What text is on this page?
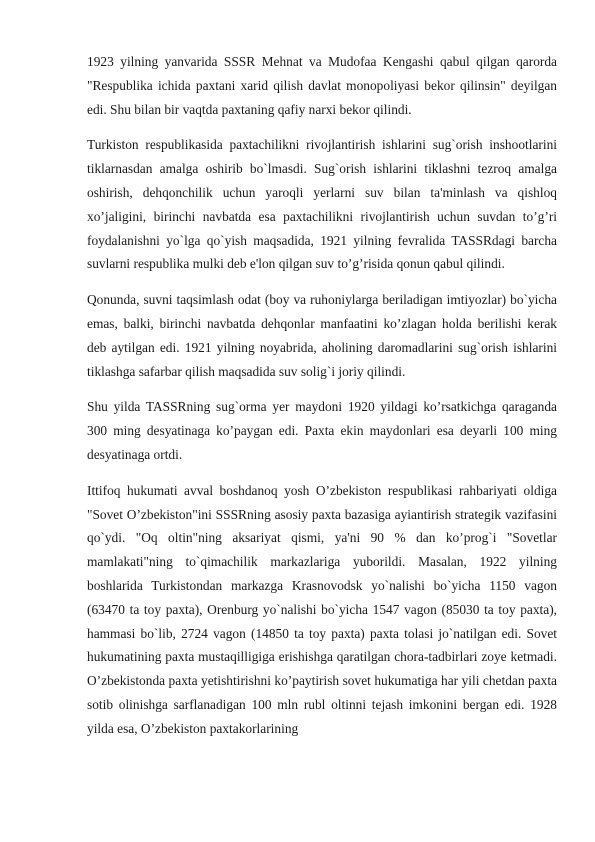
1923 yilning yanvarida SSSR Mehnat va Mudofaa Kengashi qabul qilgan qarorda "Respublika ichida paxtani xarid qilish davlat monopoliyasi bekor qilinsin" deyilgan edi. Shu bilan bir vaqtda paxtaning qafiy narxi bekor qilindi.

Turkiston respublikasida paxtachilikni rivojlantirish ishlarini sug`orish inshootlarini tiklarnasdan amalga oshirib bo`lmasdi. Sug`orish ishlarini tiklashni tezroq amalga oshirish, dehqonchilik uchun yaroqli yerlarni suv bilan ta'minlash va qishloq xo’jaligini, birinchi navbatda esa paxtachilikni rivojlantirish uchun suvdan to’g’ri foydalanishni yo`lga qo`yish maqsadida, 1921 yilning fevralida TASSRdagi barcha suvlarni respublika mulki deb e'lon qilgan suv to’g’risida qonun qabul qilindi.

Qonunda, suvni taqsimlash odat (boy va ruhoniylarga beriladigan imtiyozlar) bo`yicha emas, balki, birinchi navbatda dehqonlar manfaatini ko’zlagan holda berilishi kerak deb aytilgan edi. 1921 yilning noyabrida, aholining daromadlarini sug`orish ishlarini tiklashga safarbar qilish maqsadida suv solig`i joriy qilindi.

Shu yilda TASSRning sug`orma yer maydoni 1920 yildagi ko’rsatkichga qaraganda 300 ming desyatinaga ko’paygan edi. Paxta ekin maydonlari esa deyarli 100 ming desyatinaga ortdi.

Ittifoq hukumati avval boshdanoq yosh O’zbekiston respublikasi rahbariyati oldiga "Sovet O’zbekiston"ini SSSRning asosiy paxta bazasiga ayiantirish strategik vazifasini qo`ydi. "Oq oltin"ning aksariyat qismi, ya'ni 90 % dan ko’prog`i "Sovetlar mamlakati"ning to`qimachilik markazlariga yuborildi. Masalan, 1922 yilning boshlarida Turkistondan markazga Krasnovodsk yo`nalishi bo`yicha 1150 vagon (63470 ta toy paxta), Orenburg yo`nalishi bo`yicha 1547 vagon (85030 ta toy paxta), hammasi bo`lib, 2724 vagon (14850 ta toy paxta) paxta tolasi jo`natilgan edi. Sovet hukumatining paxta mustaqilligiga erishishga qaratilgan chora-tadbirlari zoye ketmadi. O’zbekistonda paxta yetishtirishni ko’paytirish sovet hukumatiga har yili chetdan paxta sotib olinishga sarflanadigan 100 mln rubl oltinni tejash imkonini bergan edi. 1928 yilda esa, O’zbekiston paxtakorlarining
